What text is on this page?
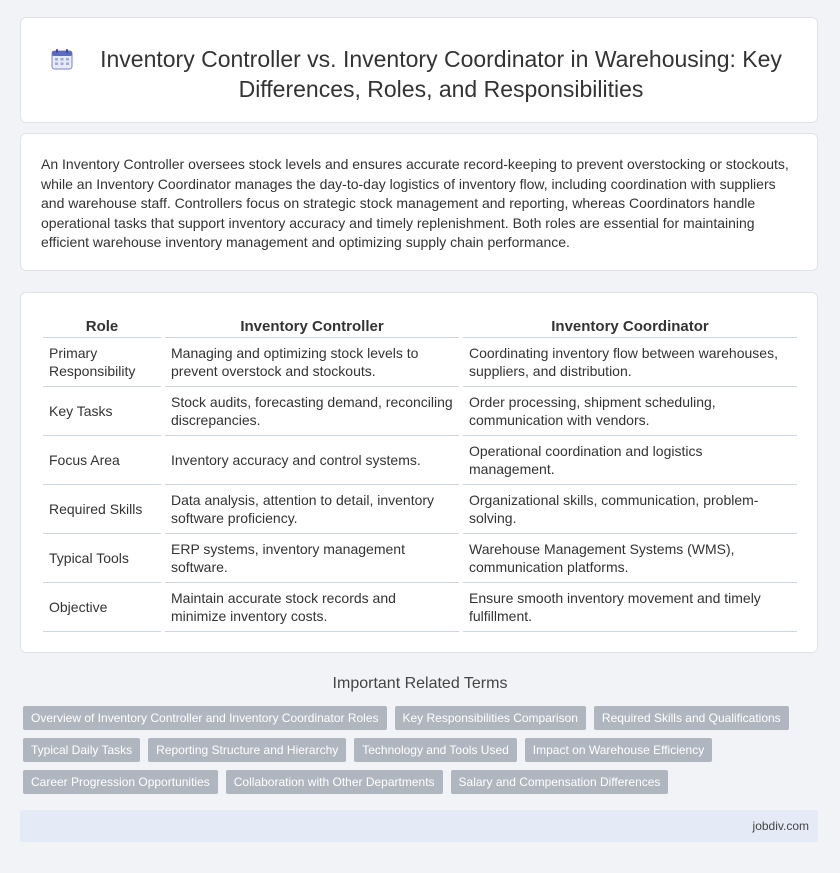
Inventory Controller vs. Inventory Coordinator in Warehousing: Key Differences, Roles, and Responsibilities

An Inventory Controller oversees stock levels and ensures accurate record-keeping to prevent overstocking or stockouts, while an Inventory Coordinator manages the day-to-day logistics of inventory flow, including coordination with suppliers and warehouse staff. Controllers focus on strategic stock management and reporting, whereas Coordinators handle operational tasks that support inventory accuracy and timely replenishment. Both roles are essential for maintaining efficient warehouse inventory management and optimizing supply chain performance.

Role	Inventory Controller	Inventory Coordinator
Primary Responsibility	Managing and optimizing stock levels to prevent overstock and stockouts.	Coordinating inventory flow between warehouses, suppliers, and distribution.
Key Tasks	Stock audits, forecasting demand, reconciling discrepancies.	Order processing, shipment scheduling, communication with vendors.
Focus Area	Inventory accuracy and control systems.	Operational coordination and logistics management.
Required Skills	Data analysis, attention to detail, inventory software proficiency.	Organizational skills, communication, problem-solving.
Typical Tools	ERP systems, inventory management software.	Warehouse Management Systems (WMS), communication platforms.
Objective	Maintain accurate stock records and minimize inventory costs.	Ensure smooth inventory movement and timely fulfillment.
Important Related Terms
Overview of Inventory Controller and Inventory Coordinator Roles	Key Responsibilities Comparison	Required Skills and Qualifications
Typical Daily Tasks	Reporting Structure and Hierarchy	Technology and Tools Used	Impact on Warehouse Efficiency
Career Progression Opportunities	Collaboration with Other Departments	Salary and Compensation Differences
jobdiv.com
